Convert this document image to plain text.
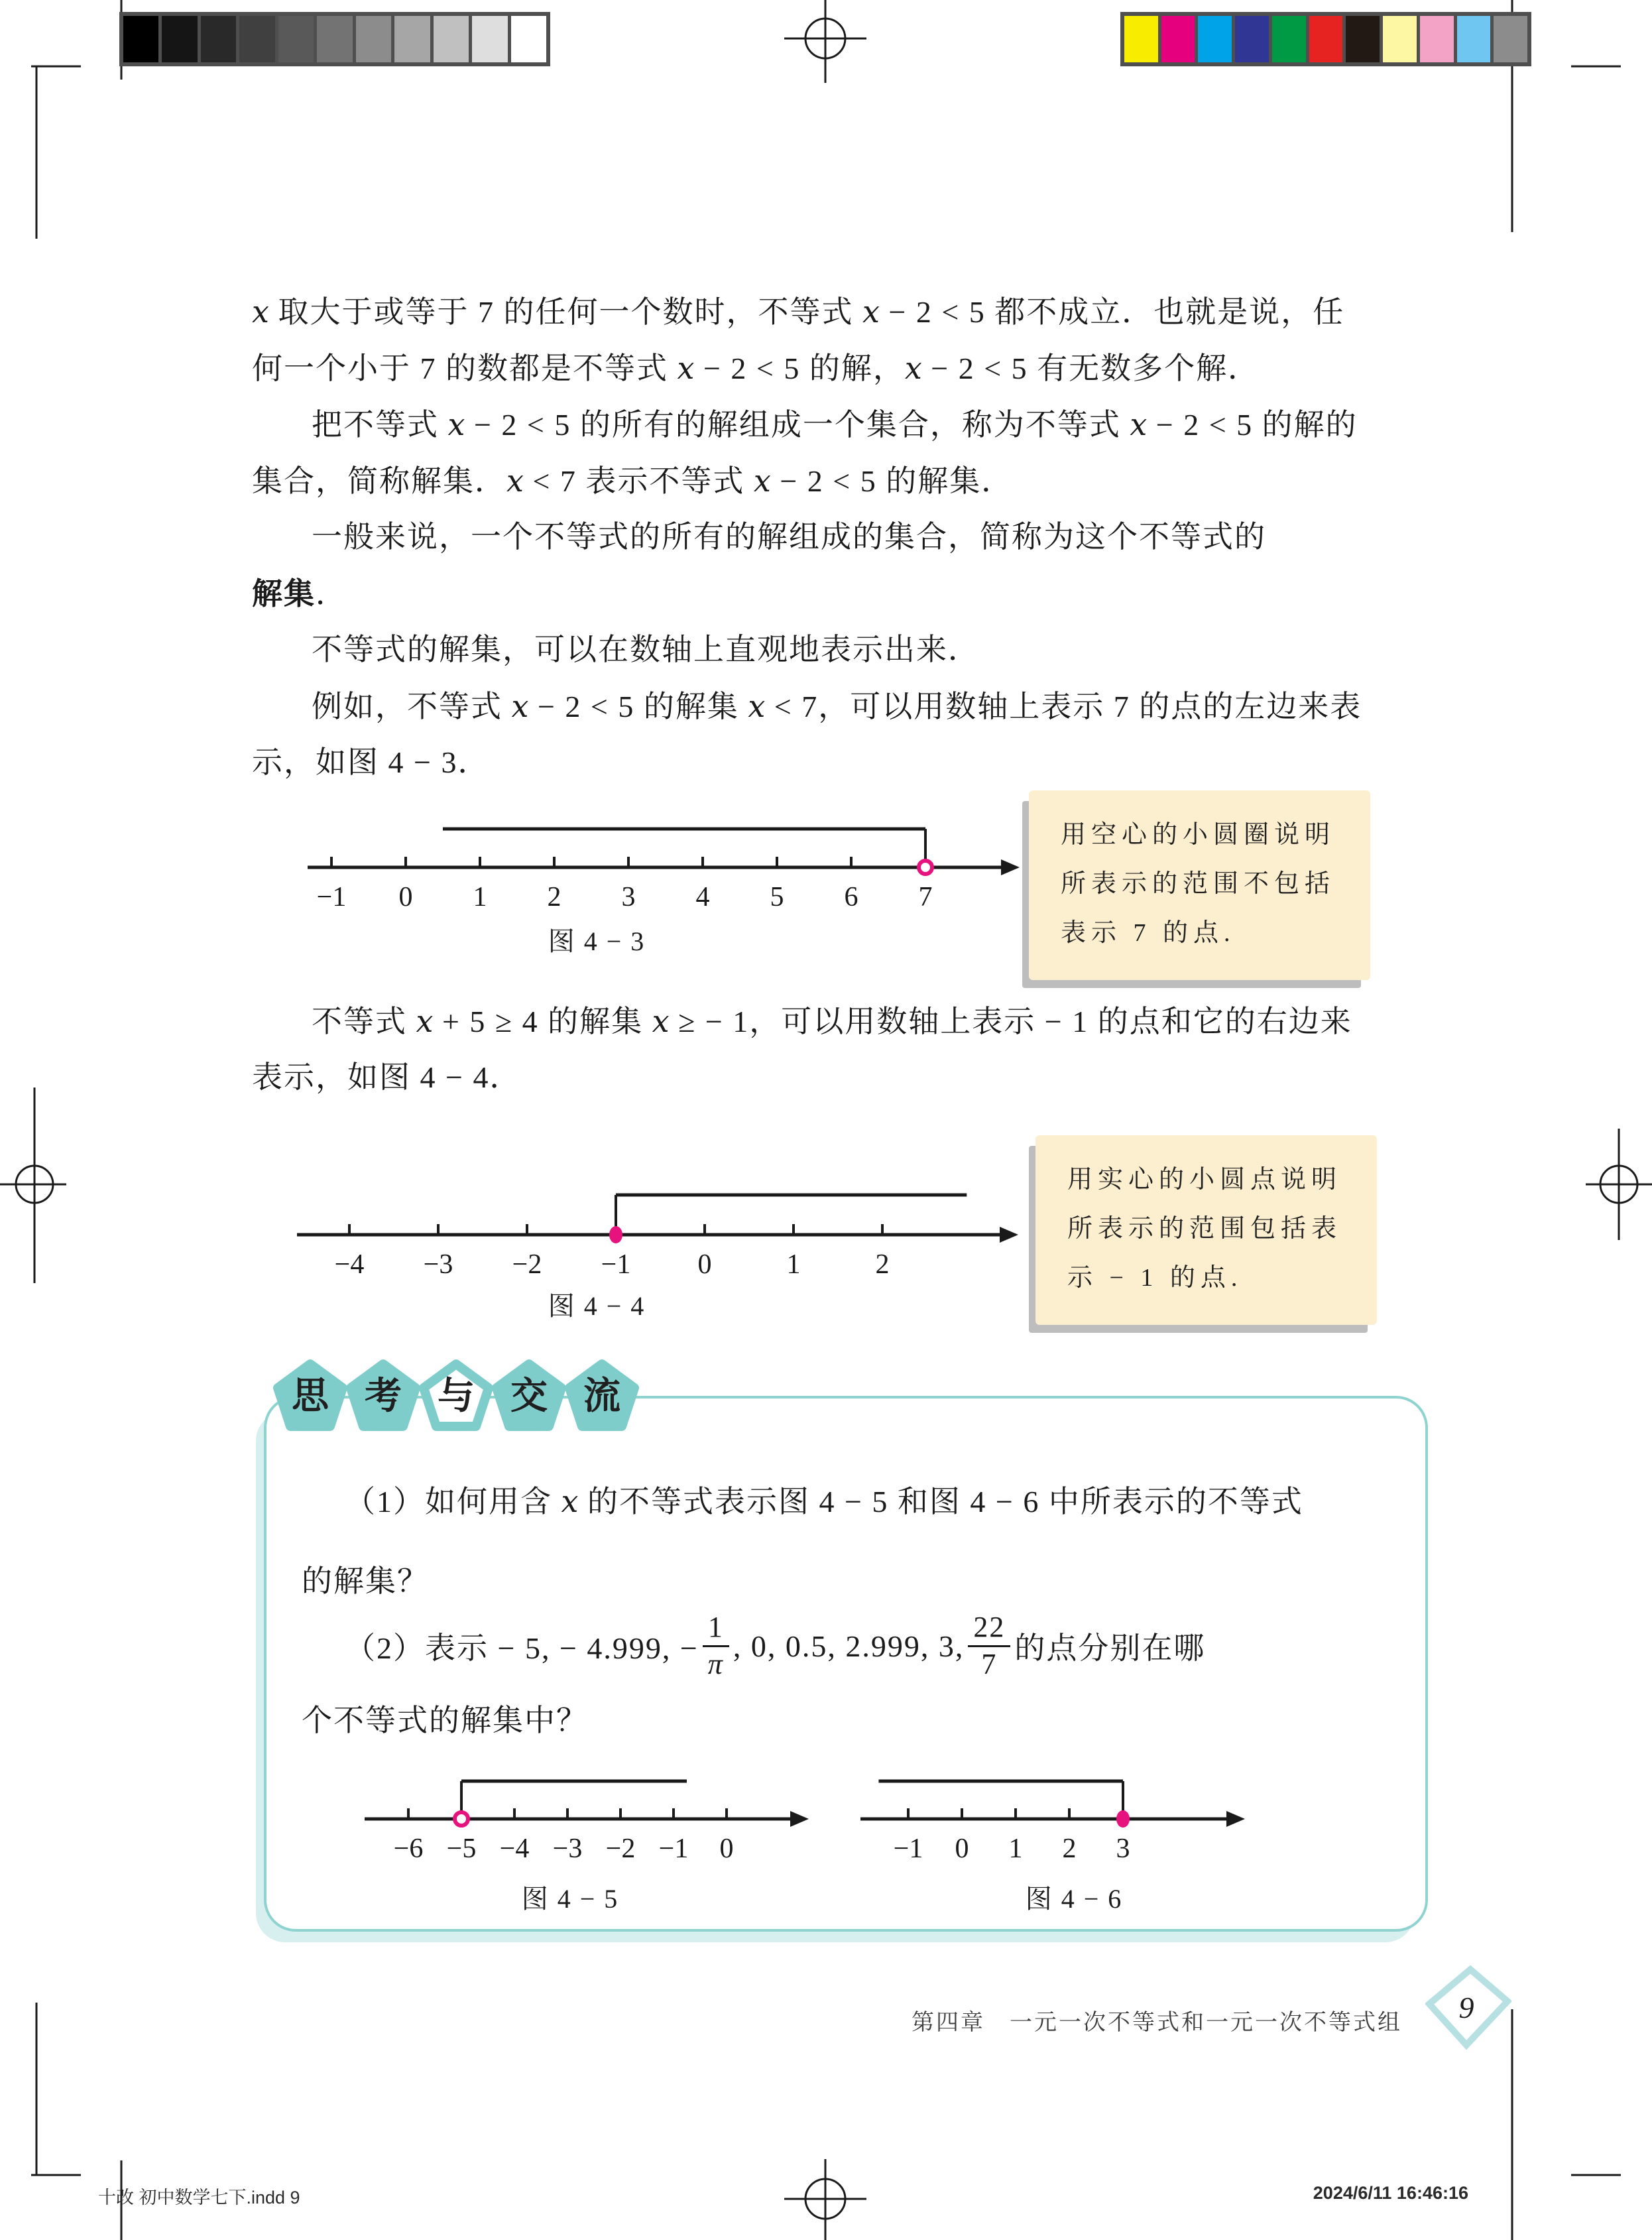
x 取大于或等于 7 的任何一个数时，不等式 x − 2 < 5 都不成立．也就是说，任
何一个小于 7 的数都是不等式 x − 2 < 5 的解，x − 2 < 5 有无数多个解．
把不等式 x − 2 < 5 的所有的解组成一个集合，称为不等式 x − 2 < 5 的解的
集合，简称解集．x < 7 表示不等式 x − 2 < 5 的解集．
一般来说，一个不等式的所有的解组成的集合，简称为这个不等式的
解集．
不等式的解集，可以在数轴上直观地表示出来．
例如，不等式 x − 2 < 5 的解集 x < 7，可以用数轴上表示 7 的点的左边来表
示，如图 4 − 3．
−1 0 1 2 3 4 5 6 7
图 4 − 3
用空心的小圆圈说明
所表示的范围不包括
表示 7 的点.
不等式 x + 5 ≥ 4 的解集 x ≥ − 1，可以用数轴上表示 − 1 的点和它的右边来
表示，如图 4 − 4．
−4 −3 −2 −1 0	1	2
图 4 − 4
用实心的小圆点说明
所表示的范围包括表
示 − 1 的点.
思 考 与 交 流
（1）如何用含 x 的不等式表示图 4 − 5 和图 4 − 6 中所表示的不等式
的解集？
（2）表示 − 5, − 4.999, − $\frac{1}{\pi}$ , 0, 0.5, 2.999, 3, $\frac{22}{7}$ 的点分别在哪
个不等式的解集中？
−6 −5 −4 −3 −2 −1 0
图 4 − 5
−1 0 1 2 3
图 4 − 6
第四章　一元一次不等式和一元一次不等式组	9
十改 初中数学七下.indd 9	2024/6/11 16:46:16
